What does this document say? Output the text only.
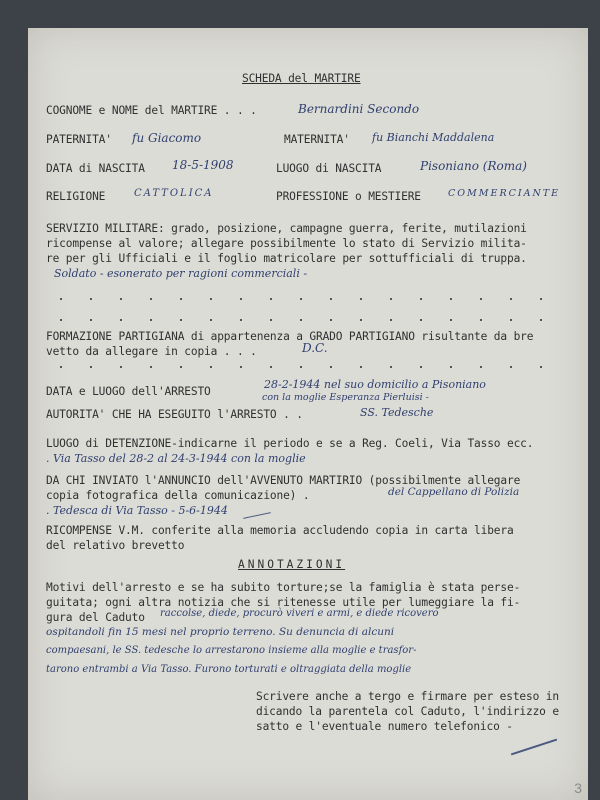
SCHEDA del MARTIRE
COGNOME e NOME del MARTIRE . . .	Bernardini Secondo
PATERNITA' fu Giacomo	MATERNITA' fu Bianchi Maddalena
DATA di NASCITA 18-5-1908	LUOGO di NASCITA	Pisoniano (Roma)
RELIGIONE	CATTOLICA	PROFESSIONE o MESTIERE	COMMERCIANTE
SERVIZIO MILITARE: grado, posizione, campagne guerra, ferite, mutilazioni
ricompense al valore; allegare possibilmente lo stato di Servizio milita-
re per gli Ufficiali e il foglio matricolare per sottufficiali di truppa.
Soldato - esonerato per ragioni commerciali -
FORMAZIONE PARTIGIANA di appartenenza a GRADO PARTIGIANO risultante da bre
vetto da allegare in copia . . .	D.C.
DATA e LUOGO dell'ARRESTO
28-2-1944 nel suo domicilio a Pisoniano
con la moglie Esperanza Pierluisi -
AUTORITA' CHE HA ESEGUITO l'ARRESTO . .	SS. Tedesche
LUOGO di DETENZIONE-indicarne il periodo e se a Reg. Coeli, Via Tasso ecc.
. Via Tasso del 28-2 al 24-3-1944 con la moglie
DA CHI INVIATO l'ANNUNCIO dell'AVVENUTO MARTIRIO (possibilmente allegare
copia fotografica della comunicazione) .	del Cappellano di Polizia
. Tedesca di Via Tasso - 5-6-1944
RICOMPENSE V.M. conferite alla memoria accludendo copia in carta libera
del relativo brevetto
ANNOTAZIONI
Motivi dell'arresto e se ha subito torture;se la famiglia è stata perse-
guitata; ogni altra notizia che si ritenesse utile per lumeggiare la fi-
gura del Caduto raccolse, diede, procurò viveri e armi, e diede ricovero
ospitandoli fin 15 mesi nel proprio terreno. Su denuncia di alcuni
compaesani, le SS. tedesche lo arrestarono insieme alla moglie e trasfor-
tarono entrambi a Via Tasso. Furono torturati e oltraggiata della moglie
Scrivere anche a tergo e firmare per esteso in
dicando la parentela col Caduto, l'indirizzo e
satto e l'eventuale numero telefonico -
3
